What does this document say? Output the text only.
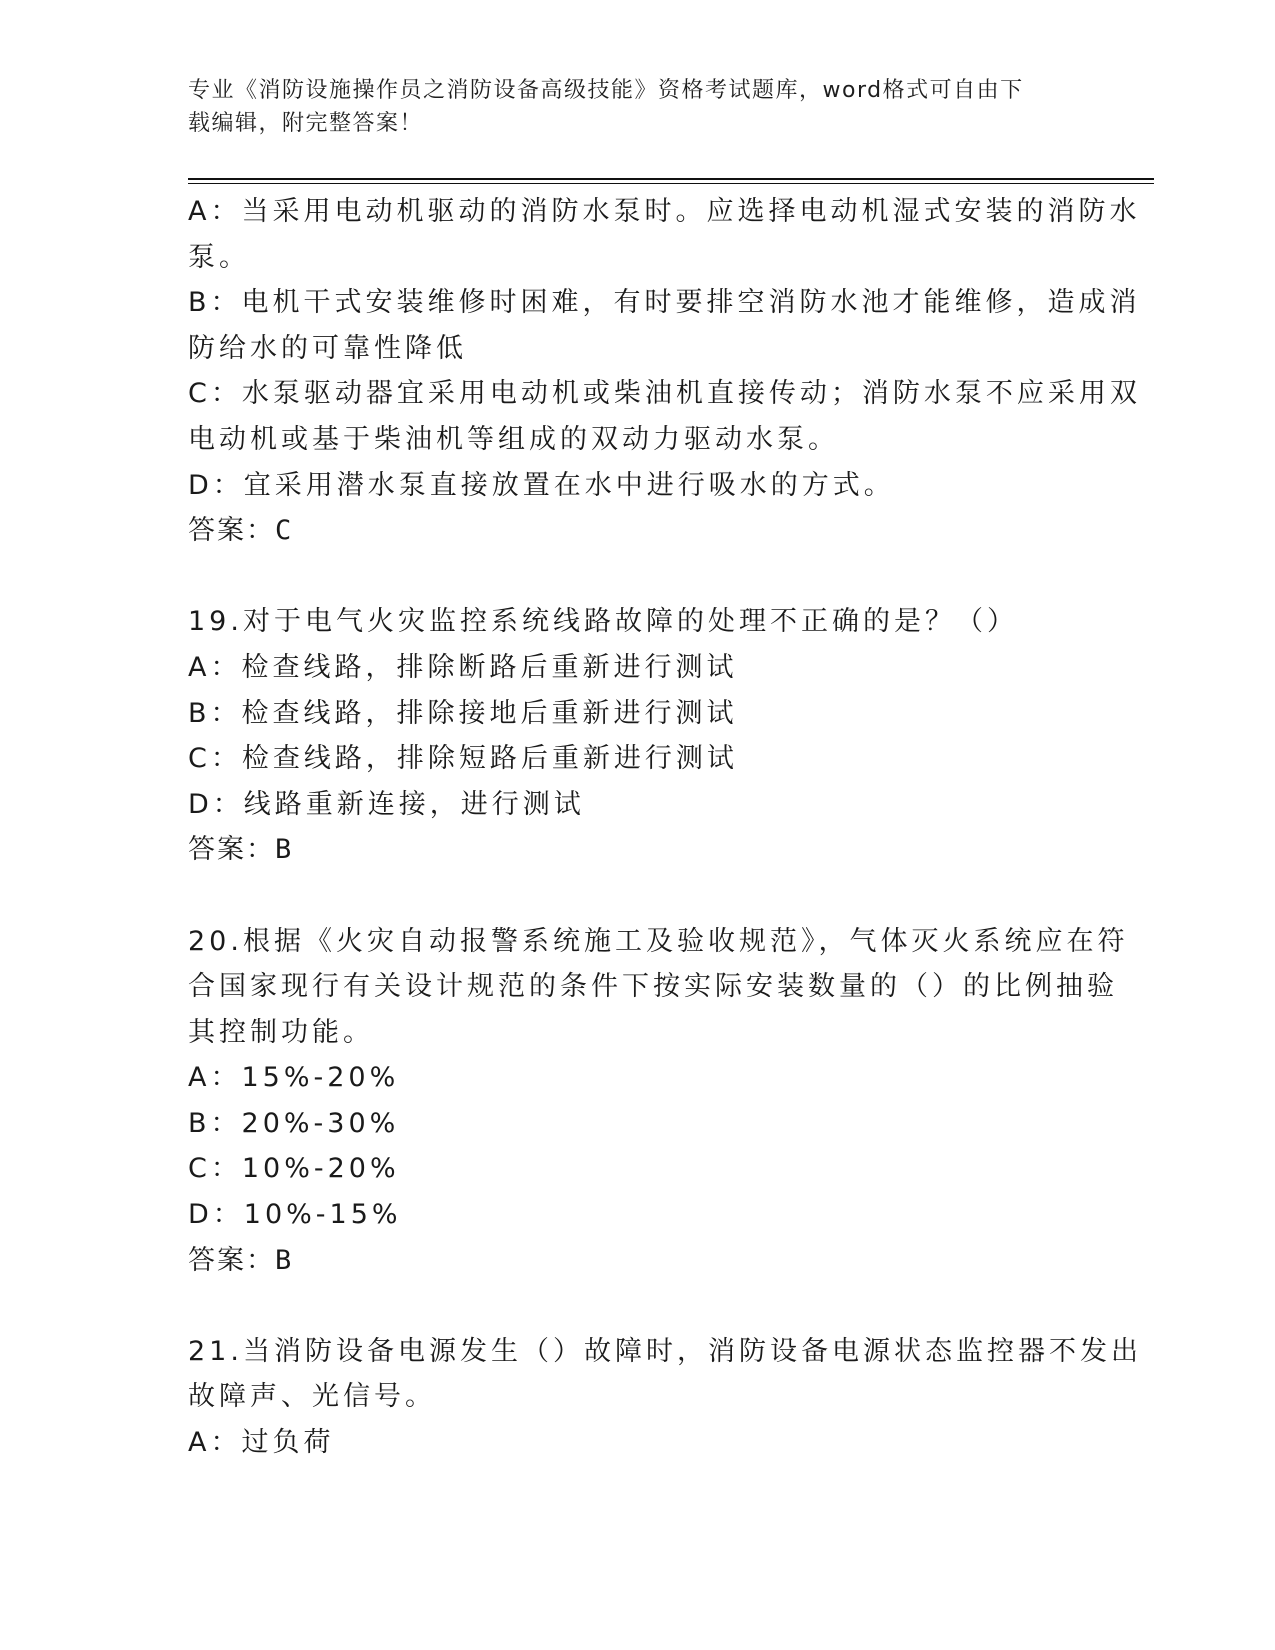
专业《消防设施操作员之消防设备高级技能》资格考试题库，word格式可自由下
载编辑，附完整答案！

A：当采用电动机驱动的消防水泵时。应选择电动机湿式安装的消防水

泵。

B：电机干式安装维修时困难，有时要排空消防水池才能维修，造成消

防给水的可靠性降低

C：水泵驱动器宜采用电动机或柴油机直接传动；消防水泵不应采用双

电动机或基于柴油机等组成的双动力驱动水泵。

D：宜采用潜水泵直接放置在水中进行吸水的方式。

答案：C

19.对于电气火灾监控系统线路故障的处理不正确的是？（）

A：检查线路，排除断路后重新进行测试

B：检查线路，排除接地后重新进行测试

C：检查线路，排除短路后重新进行测试

D：线路重新连接，进行测试

答案：B

20.根据《火灾自动报警系统施工及验收规范》，气体灭火系统应在符

合国家现行有关设计规范的条件下按实际安装数量的（）的比例抽验

其控制功能。

A：15%-20%

B：20%-30%

C：10%-20%

D：10%-15%

答案：B

21.当消防设备电源发生（）故障时，消防设备电源状态监控器不发出

故障声、光信号。

A：过负荷
